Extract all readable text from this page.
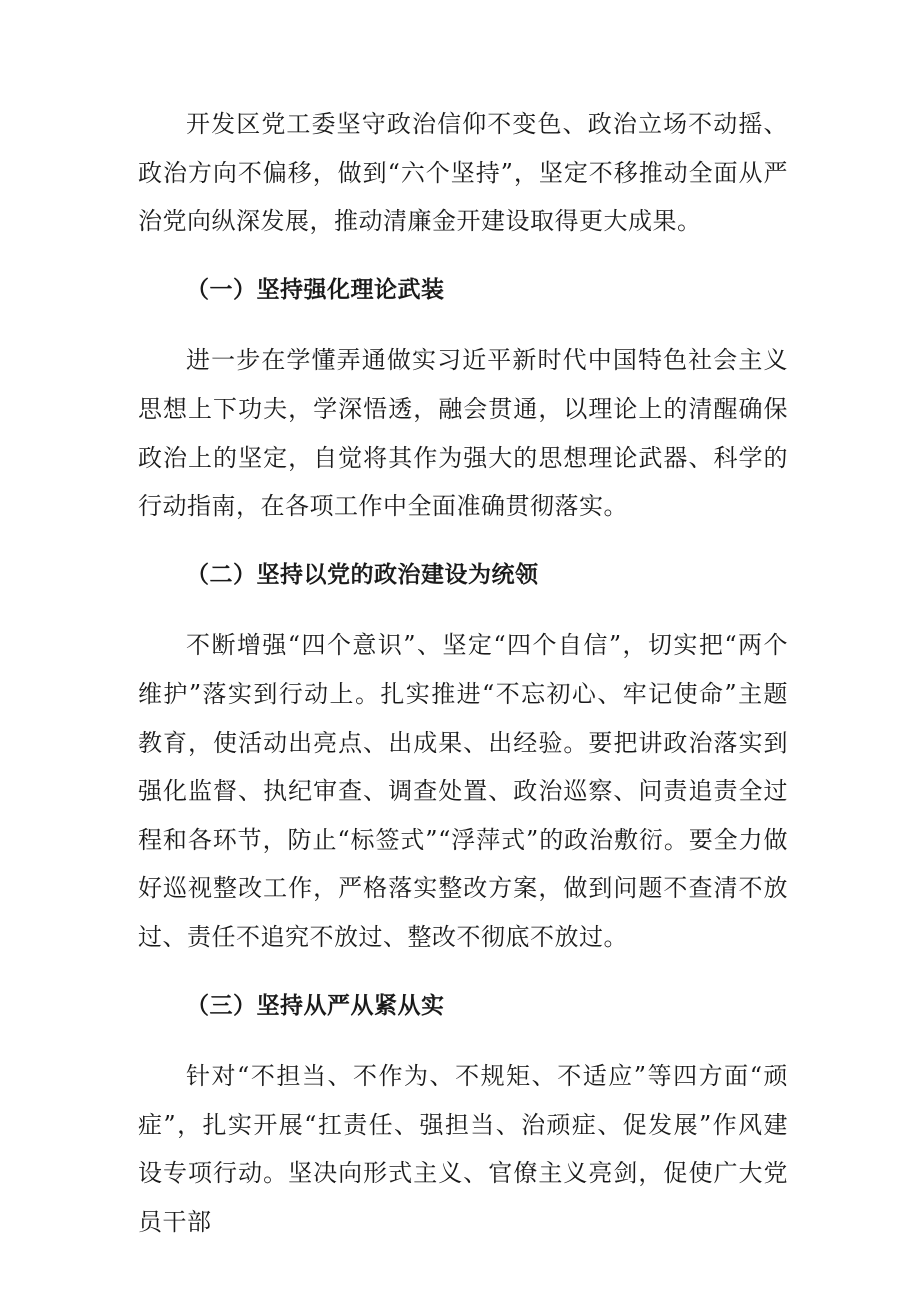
开发区党工委坚守政治信仰不变色、政治立场不动摇、政治方向不偏移，做到“六个坚持”，坚定不移推动全面从严治党向纵深发展，推动清廉金开建设取得更大成果。

（一）坚持强化理论武装

进一步在学懂弄通做实习近平新时代中国特色社会主义思想上下功夫，学深悟透，融会贯通，以理论上的清醒确保政治上的坚定，自觉将其作为强大的思想理论武器、科学的行动指南，在各项工作中全面准确贯彻落实。

（二）坚持以党的政治建设为统领

不断增强“四个意识”、坚定“四个自信”，切实把“两个维护”落实到行动上。扎实推进“不忘初心、牢记使命”主题教育，使活动出亮点、出成果、出经验。要把讲政治落实到强化监督、执纪审查、调查处置、政治巡察、问责追责全过程和各环节，防止“标签式”“浮萍式”的政治敷衍。要全力做好巡视整改工作，严格落实整改方案，做到问题不查清不放过、责任不追究不放过、整改不彻底不放过。

（三）坚持从严从紧从实

针对“不担当、不作为、不规矩、不适应”等四方面“顽症”，扎实开展“扛责任、强担当、治顽症、促发展”作风建设专项行动。坚决向形式主义、官僚主义亮剑，促使广大党员干部
